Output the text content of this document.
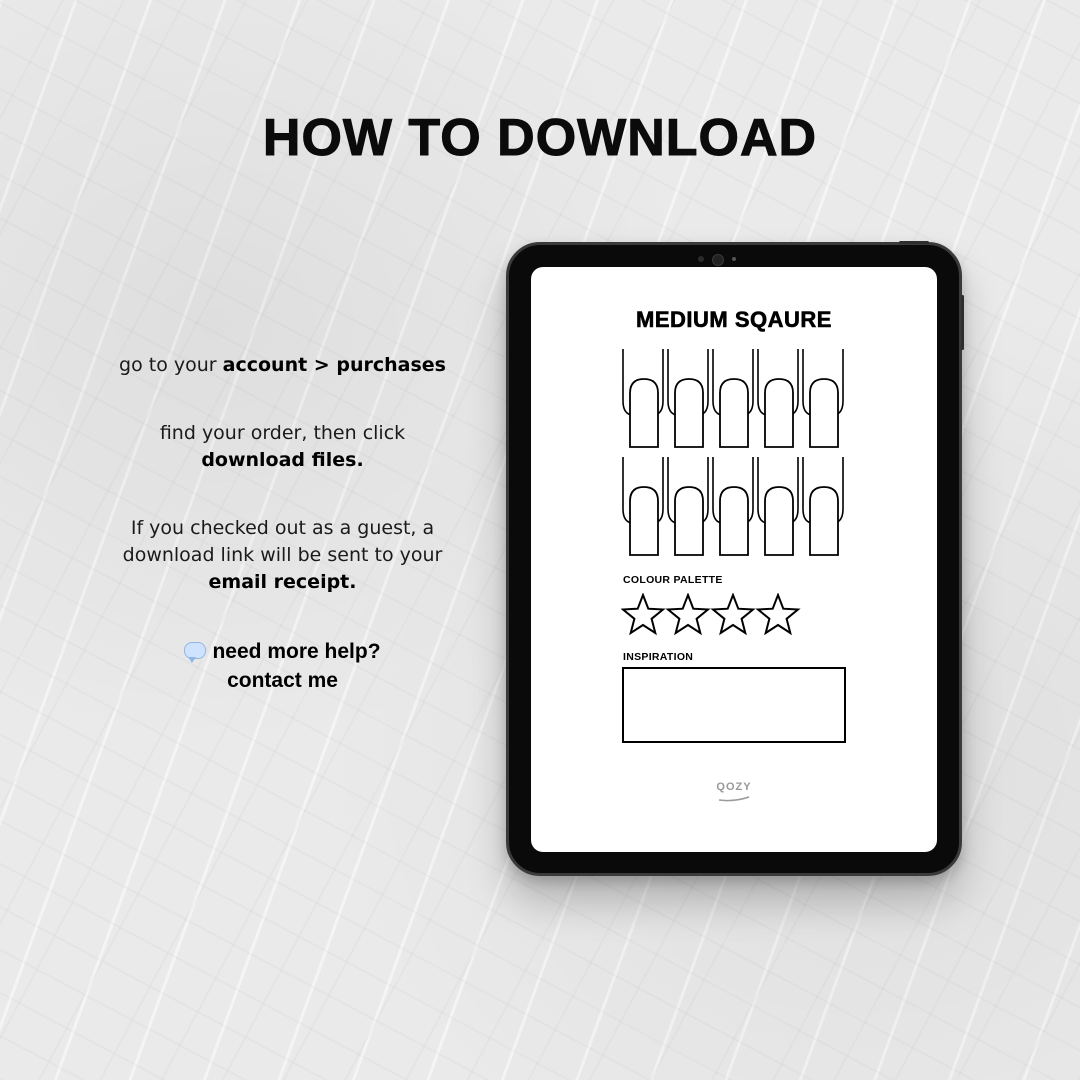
HOW TO DOWNLOAD

go to your account > purchases

find your order, then click
download files.

If you checked out as a guest, a
download link will be sent to your
email receipt.

need more help?
contact me
MEDIUM SQAURE
COLOUR PALETTE
INSPIRATION
QOZY
